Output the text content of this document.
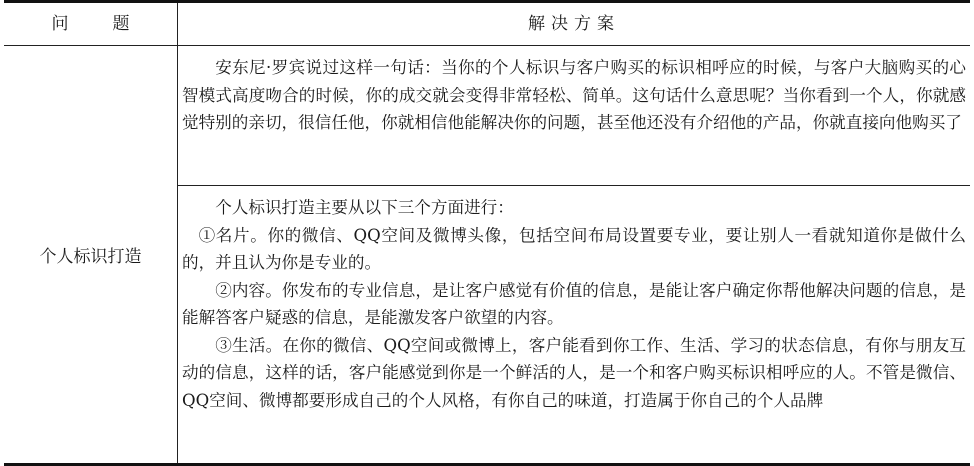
问	题	解决方案
个人标识打造

安东尼·罗宾说过这样一句话：当你的个人标识与客户购买的标识相呼应的时候，与客户大脑购买的心智模式高度吻合的时候，你的成交就会变得非常轻松、简单。这句话什么意思呢？当你看到一个人，你就感觉特别的亲切，很信任他，你就相信他能解决你的问题，甚至他还没有介绍他的产品，你就直接向他购买了

个人标识打造主要从以下三个方面进行：

①名片。你的微信、QQ空间及微博头像，包括空间布局设置要专业，要让别人一看就知道你是做什么的，并且认为你是专业的。

②内容。你发布的专业信息，是让客户感觉有价值的信息，是能让客户确定你帮他解决问题的信息，是能解答客户疑惑的信息，是能激发客户欲望的内容。

③生活。在你的微信、QQ空间或微博上，客户能看到你工作、生活、学习的状态信息，有你与朋友互动的信息，这样的话，客户能感觉到你是一个鲜活的人，是一个和客户购买标识相呼应的人。不管是微信、QQ空间、微博都要形成自己的个人风格，有你自己的味道，打造属于你自己的个人品牌
